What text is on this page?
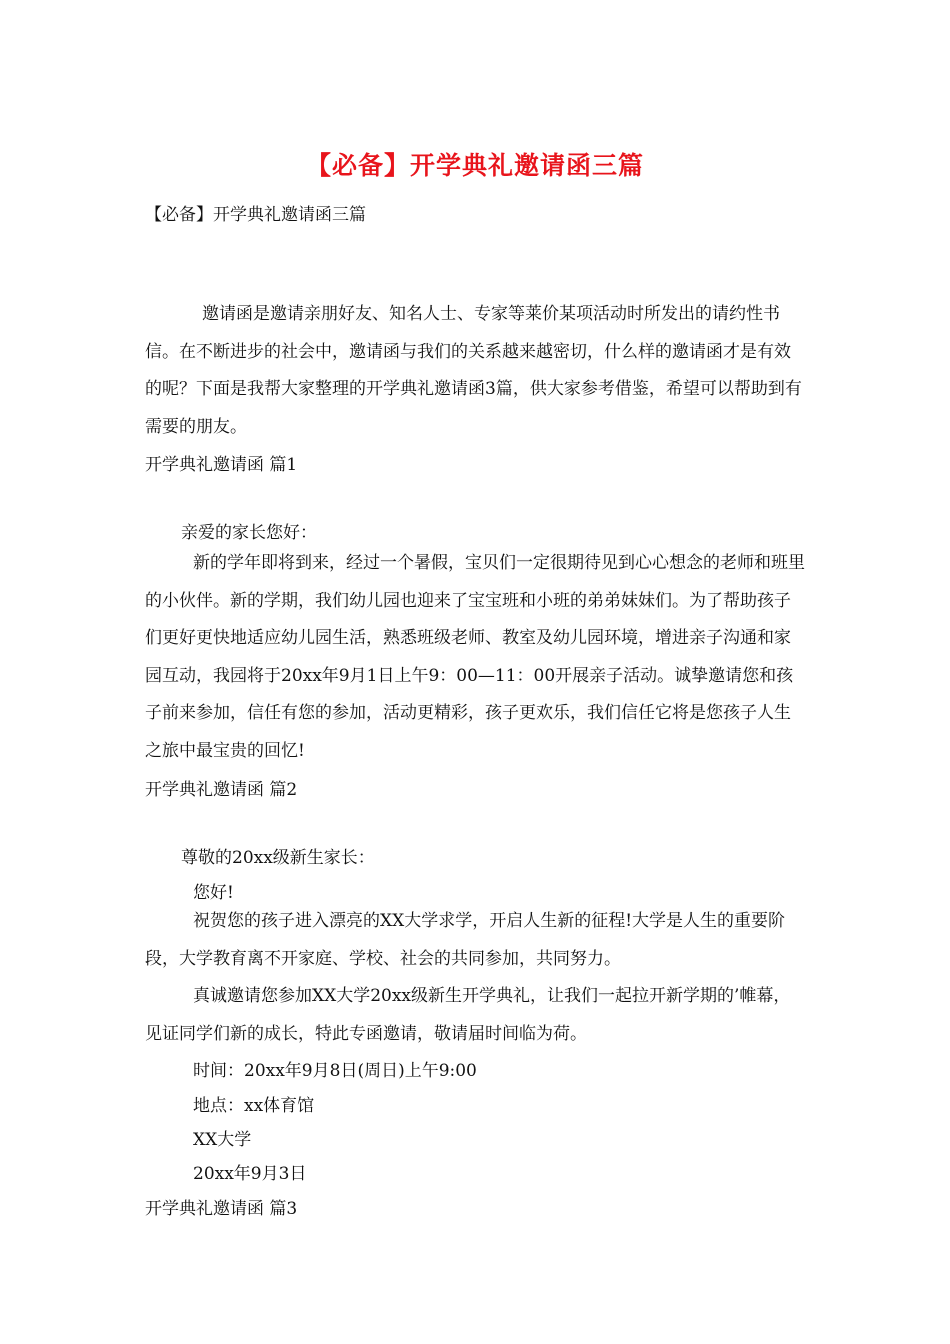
【必备】开学典礼邀请函三篇
【必备】开学典礼邀请函三篇

邀请函是邀请亲朋好友、知名人士、专家等莱价某项活动时所发出的请约性书信。在不断进步的社会中，邀请函与我们的关系越来越密切，什么样的邀请函才是有效的呢？下面是我帮大家整理的开学典礼邀请函3篇，供大家参考借鉴，希望可以帮助到有需要的朋友。

开学典礼邀请函 篇1
亲爱的家长您好：

新的学年即将到来，经过一个暑假，宝贝们一定很期待见到心心想念的老师和班里的小伙伴。新的学期，我们幼儿园也迎来了宝宝班和小班的弟弟妹妹们。为了帮助孩子们更好更快地适应幼儿园生活，熟悉班级老师、教室及幼儿园环境，增进亲子沟通和家园互动，我园将于20xx年9月1日上午9：00—11：00开展亲子活动。诚挚邀请您和孩子前来参加，信任有您的参加，活动更精彩，孩子更欢乐，我们信任它将是您孩子人生之旅中最宝贵的回忆!

开学典礼邀请函 篇2
尊敬的20xx级新生家长：
您好!

祝贺您的孩子进入漂亮的XX大学求学，开启人生新的征程!大学是人生的重要阶段，大学教育离不开家庭、学校、社会的共同参加，共同努力。

真诚邀请您参加XX大学20xx级新生开学典礼，让我们一起拉开新学期的’帷幕，见证同学们新的成长，特此专函邀请，敬请届时间临为荷。

时间：20xx年9月8日(周日)上午9:00
地点：xx体育馆
XX大学
20xx年9月3日
开学典礼邀请函 篇3
